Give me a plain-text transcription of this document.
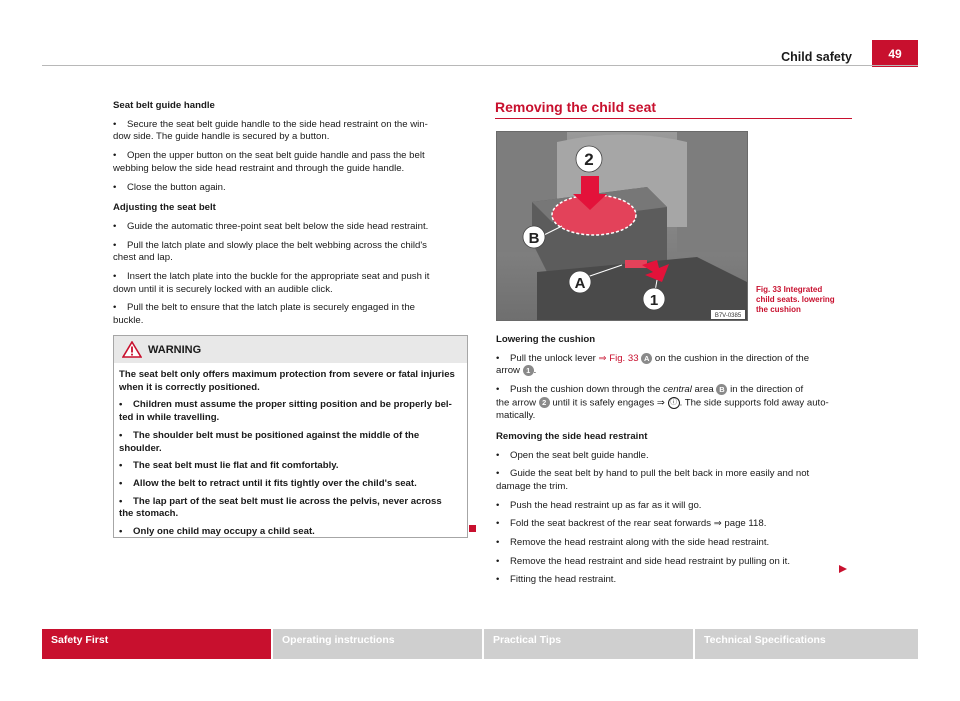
Child safety	49
Seat belt guide handle
• Secure the seat belt guide handle to the side head restraint on the win-
dow side. The guide handle is secured by a button.
• Open the upper button on the seat belt guide handle and pass the belt
webbing below the side head restraint and through the guide handle.
• Close the button again.
Adjusting the seat belt
• Guide the automatic three-point seat belt below the side head restraint.
• Pull the latch plate and slowly place the belt webbing across the child's
chest and lap.
• Insert the latch plate into the buckle for the appropriate seat and push it
down until it is securely locked with an audible click.
• Pull the belt to ensure that the latch plate is securely engaged in the
buckle.
WARNING
The seat belt only offers maximum protection from severe or fatal injuries
when it is correctly positioned.
• Children must assume the proper sitting position and be properly bel-
ted in while travelling.
• The shoulder belt must be positioned against the middle of the
shoulder.
• The seat belt must lie flat and fit comfortably.
• Allow the belt to retract until it fits tightly over the child's seat.
• The lap part of the seat belt must lie across the pelvis, never across
the stomach.
• Only one child may occupy a child seat.
Removing the child seat
2
B
A
1
B7V-0385
Fig. 33 Integrated
child seats. lowering
the cushion
Lowering the cushion
• Pull the unlock lever ⇒ Fig. 33 A on the cushion in the direction of the
arrow 1 .
• Push the cushion down through the central area B in the direction of
the arrow 2 until it is safely engages ⇒ ⓘ . The side supports fold away auto-
matically.
Removing the side head restraint
• Open the seat belt guide handle.
• Guide the seat belt by hand to pull the belt back in more easily and not
damage the trim.
• Push the head restraint up as far as it will go.
• Fold the seat backrest of the rear seat forwards ⇒ page 118.
• Remove the head restraint along with the side head restraint.
• Remove the head restraint and side head restraint by pulling on it.
• Fitting the head restraint.
Safety First	Operating instructions	Practical Tips	Technical Specifications
